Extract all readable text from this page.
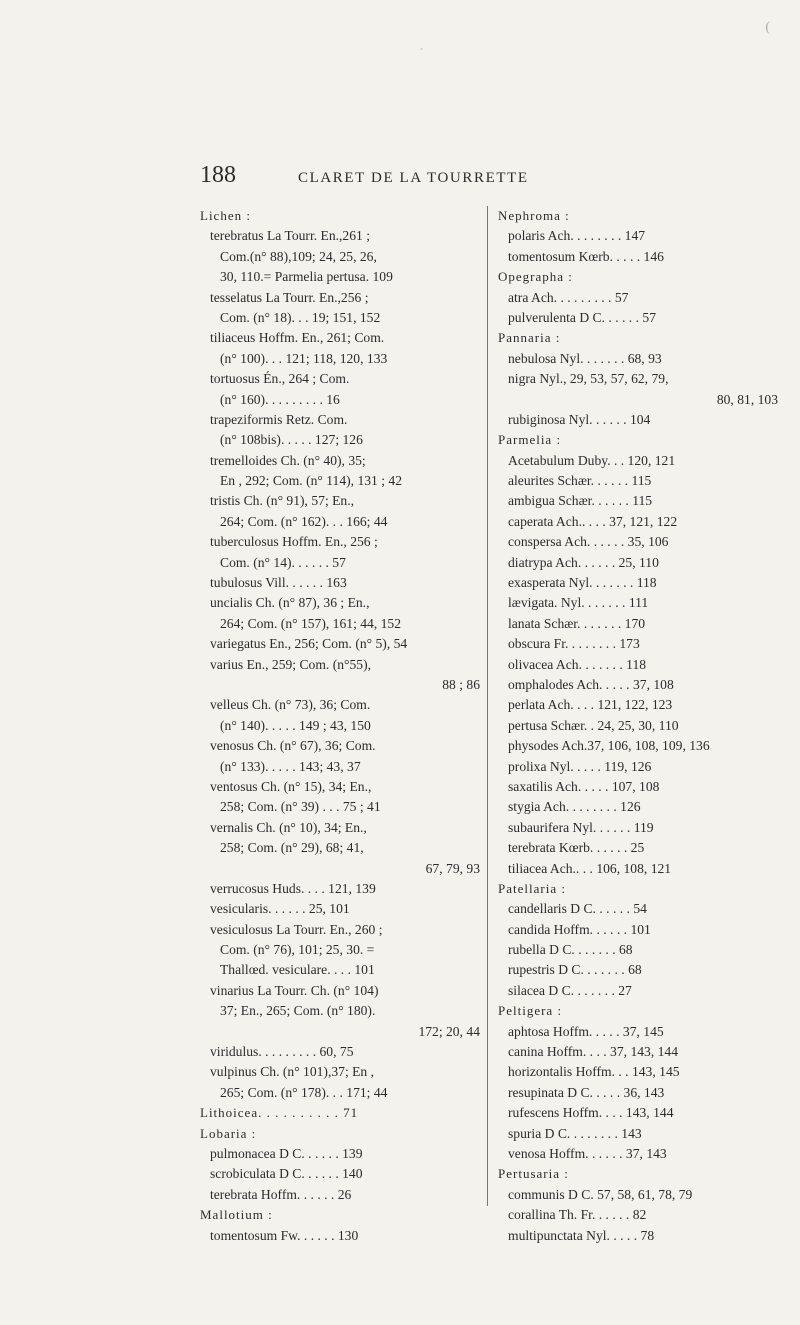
(
•
188	CLARET DE LA TOURRETTE
Lichen :
terebratus La Tourr. En.,261 ;
Com.(n° 88),109; 24, 25, 26,
30, 110.= Parmelia pertusa. 109
tesselatus La Tourr. En.,256 ;
Com. (n° 18). . . 19; 151, 152
tiliaceus Hoffm. En., 261; Com.
(n° 100). . . 121; 118, 120, 133
tortuosus Én., 264 ; Com.
(n° 160). . . . . . . . . 16
trapeziformis Retz. Com.
(n° 108bis). . . . . 127; 126
tremelloides Ch. (n° 40), 35;
En , 292; Com. (n° 114), 131 ; 42
tristis Ch. (n° 91), 57; En.,
264; Com. (n° 162). . . 166; 44
tuberculosus Hoffm. En., 256 ;
Com. (n° 14). . . . . . 57
tubulosus Vill. . . . . . 163
uncialis Ch. (n° 87), 36 ; En.,
264; Com. (n° 157), 161; 44, 152
variegatus En., 256; Com. (n° 5), 54
varius En., 259; Com. (n°55),
88 ; 86
velleus Ch. (n° 73), 36; Com.
(n° 140). . . . . 149 ; 43, 150
venosus Ch. (n° 67), 36; Com.
(n° 133). . . . . 143; 43, 37
ventosus Ch. (n° 15), 34; En.,
258; Com. (n° 39) . . . 75 ; 41
vernalis Ch. (n° 10), 34; En.,
258; Com. (n° 29), 68; 41,
67, 79, 93
verrucosus Huds. . . . 121, 139
vesicularis. . . . . . 25, 101
vesiculosus La Tourr. En., 260 ;
Com. (n° 76), 101; 25, 30. =
Thallœd. vesiculare. . . . 101
vinarius La Tourr. Ch. (n° 104)
37; En., 265; Com. (n° 180).
172; 20, 44
viridulus. . . . . . . . . 60, 75
vulpinus Ch. (n° 101),37; En ,
265; Com. (n° 178). . . 171; 44
Lithoicea. . . . . . . . . . 71
Lobaria :
pulmonacea D C. . . . . . 139
scrobiculata D C. . . . . . 140
terebrata Hoffm. . . . . . 26
Mallotium :
tomentosum Fw. . . . . . 130
Nephroma :
polaris Ach. . . . . . . . 147
tomentosum Kœrb. . . . . 146
Opegrapha :
atra Ach. . . . . . . . . 57
pulverulenta D C. . . . . . 57
Pannaria :
nebulosa Nyl. . . . . . . 68, 93
nigra Nyl., 29, 53, 57, 62, 79,
80, 81, 103
rubiginosa Nyl. . . . . . 104
Parmelia :
Acetabulum Duby. . . 120, 121
aleurites Schær. . . . . . 115
ambigua Schær. . . . . . 115
caperata Ach.. . . . 37, 121, 122
conspersa Ach. . . . . . 35, 106
diatrypa Ach. . . . . . 25, 110
exasperata Nyl. . . . . . . 118
lævigata. Nyl. . . . . . . 111
lanata Schær. . . . . . . 170
obscura Fr. . . . . . . . 173
olivacea Ach. . . . . . . 118
omphalodes Ach. . . . . 37, 108
perlata Ach. . . . 121, 122, 123
pertusa Schær. . 24, 25, 30, 110
physodes Ach.37, 106, 108, 109, 136
prolixa Nyl. . . . . 119, 126
saxatilis Ach. . . . . 107, 108
stygia Ach. . . . . . . . 126
subaurifera Nyl. . . . . . 119
terebrata Kœrb. . . . . . 25
tiliacea Ach.. . . 106, 108, 121
Patellaria :
candellaris D C. . . . . . 54
candida Hoffm. . . . . . 101
rubella D C. . . . . . . 68
rupestris D C. . . . . . . 68
silacea D C. . . . . . . 27
Peltigera :
aphtosa Hoffm. . . . . 37, 145
canina Hoffm. . . . 37, 143, 144
horizontalis Hoffm. . . 143, 145
resupinata D C. . . . . 36, 143
rufescens Hoffm. . . . 143, 144
spuria D C. . . . . . . . 143
venosa Hoffm. . . . . . 37, 143
Pertusaria :
communis D C. 57, 58, 61, 78, 79
corallina Th. Fr. . . . . . 82
multipunctata Nyl. . . . . 78
